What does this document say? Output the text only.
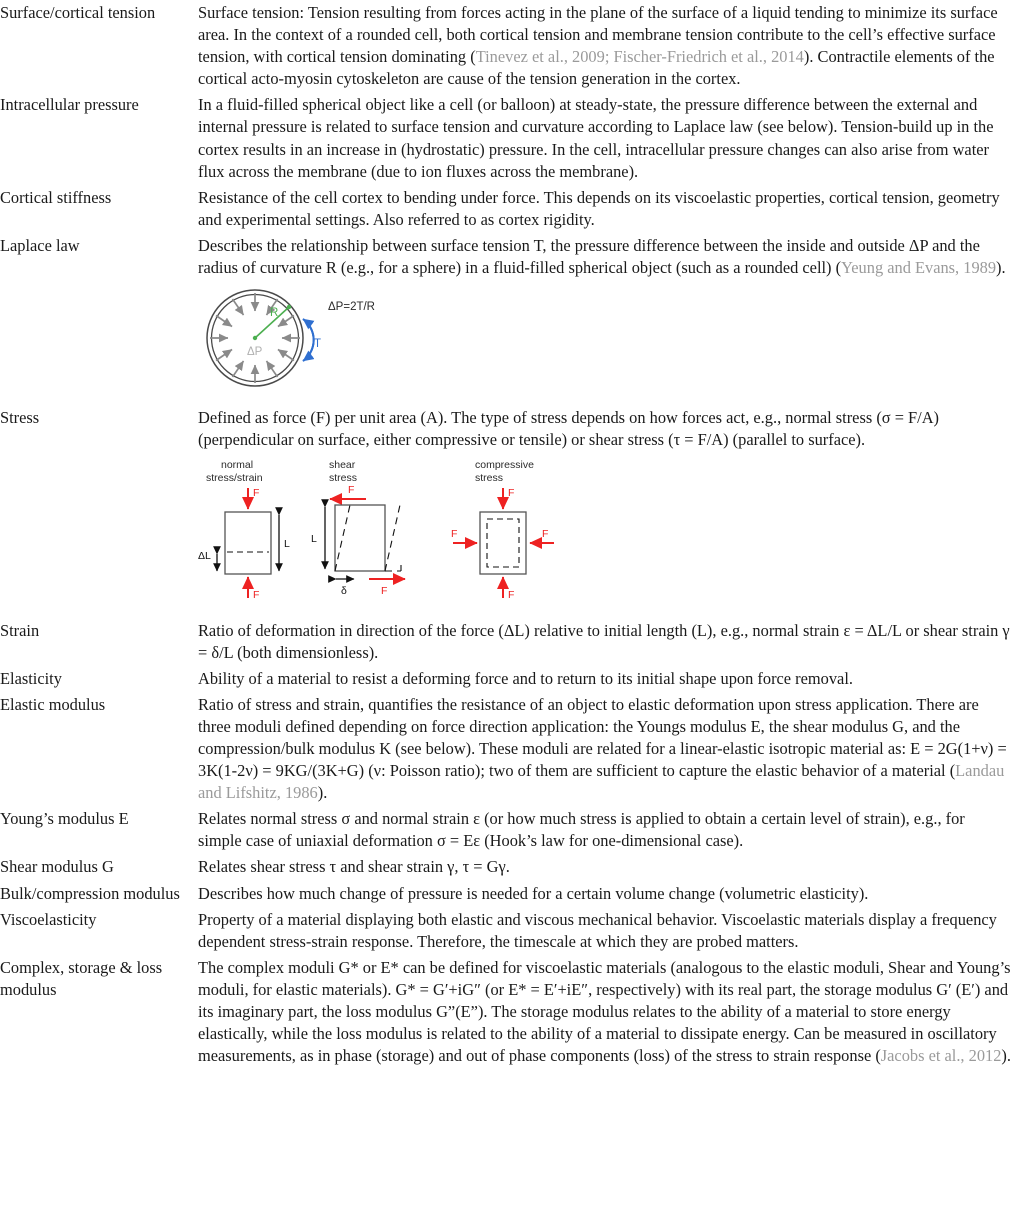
Surface/cortical tension	Surface tension: Tension resulting from forces acting in the plane of the surface of a liquid tending to minimize its surface area. In the context of a rounded cell, both cortical tension and membrane tension contribute to the cell’s effective surface tension, with cortical tension dominating (Tinevez et al., 2009; Fischer-Friedrich et al., 2014). Contractile elements of the cortical acto-myosin cytoskeleton are cause of the tension generation in the cortex.
Intracellular pressure	In a fluid-filled spherical object like a cell (or balloon) at steady-state, the pressure difference between the external and internal pressure is related to surface tension and curvature according to Laplace law (see below). Tension-build up in the cortex results in an increase in (hydrostatic) pressure. In the cell, intracellular pressure changes can also arise from water flux across the membrane (due to ion fluxes across the membrane).
Cortical stiffness	Resistance of the cell cortex to bending under force. This depends on its viscoelastic properties, cortical tension, geometry and experimental settings. Also referred to as cortex rigidity.
Laplace law	Describes the relationship between surface tension T, the pressure difference between the inside and outside ΔP and the radius of curvature R (e.g., for a sphere) in a fluid-filled spherical object (such as a rounded cell) (Yeung and Evans, 1989).
R
ΔP
T
ΔP=2T/R

Stress	Defined as force (F) per unit area (A). The type of stress depends on how forces act, e.g., normal stress (σ = F/A) (perpendicular on surface, either compressive or tensile) or shear stress (τ = F/A) (parallel to surface).
normal
stress/strain
F
L
ΔL
F
shear
stress
F
L
δ	F
compressive
stress
F
F	F
F

Strain	Ratio of deformation in direction of the force (ΔL) relative to initial length (L), e.g., normal strain ε = ΔL/L or shear strain γ = δ/L (both dimensionless).
Elasticity	Ability of a material to resist a deforming force and to return to its initial shape upon force removal.
Elastic modulus	Ratio of stress and strain, quantifies the resistance of an object to elastic deformation upon stress application. There are three moduli defined depending on force direction application: the Youngs modulus E, the shear modulus G, and the compression/bulk modulus K (see below). These moduli are related for a linear-elastic isotropic material as: E = 2G(1+ν) = 3K(1-2ν) = 9KG/(3K+G) (ν: Poisson ratio); two of them are sufficient to capture the elastic behavior of a material (Landau and Lifshitz, 1986).
Young’s modulus E	Relates normal stress σ and normal strain ε (or how much stress is applied to obtain a certain level of strain), e.g., for simple case of uniaxial deformation σ = Eε (Hook’s law for one-dimensional case).
Shear modulus G	Relates shear stress τ and shear strain γ, τ = Gγ.
Bulk/compression modulus	Describes how much change of pressure is needed for a certain volume change (volumetric elasticity).
Viscoelasticity	Property of a material displaying both elastic and viscous mechanical behavior. Viscoelastic materials display a frequency dependent stress-strain response. Therefore, the timescale at which they are probed matters.
Complex, storage & loss modulus	The complex moduli G* or E* can be defined for viscoelastic materials (analogous to the elastic moduli, Shear and Young’s moduli, for elastic materials). G* = G′+iG″ (or E* = E′+iE″, respectively) with its real part, the storage modulus G′ (E′) and its imaginary part, the loss modulus G”(E”). The storage modulus relates to the ability of a material to store energy elastically, while the loss modulus is related to the ability of a material to dissipate energy. Can be measured in oscillatory measurements, as in phase (storage) and out of phase components (loss) of the stress to strain response (Jacobs et al., 2012).
